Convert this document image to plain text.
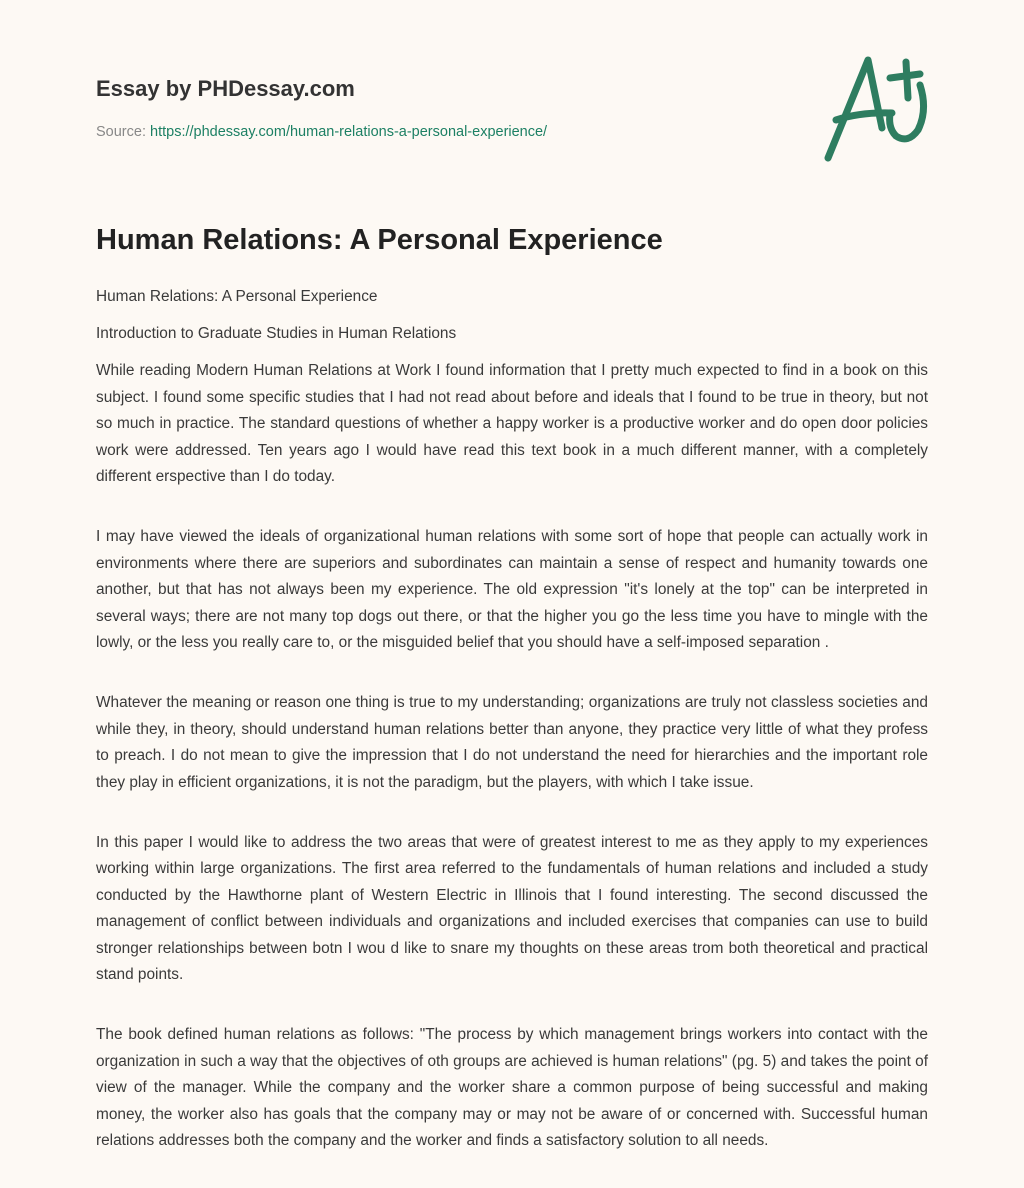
Essay by PHDessay.com
Source: https://phdessay.com/human-relations-a-personal-experience/
Human Relations: A Personal Experience

Human Relations: A Personal Experience

Introduction to Graduate Studies in Human Relations

While reading Modern Human Relations at Work I found information that I pretty much expected to find in a book on this subject. I found some specific studies that I had not read about before and ideals that I found to be true in theory, but not so much in practice. The standard questions of whether a happy worker is a productive worker and do open door policies work were addressed. Ten years ago I would have read this text book in a much different manner, with a completely different erspective than I do today.

I may have viewed the ideals of organizational human relations with some sort of hope that people can actually work in environments where there are superiors and subordinates can maintain a sense of respect and humanity towards one another, but that has not always been my experience. The old expression "it's lonely at the top" can be interpreted in several ways; there are not many top dogs out there, or that the higher you go the less time you have to mingle with the lowly, or the less you really care to, or the misguided belief that you should have a self-imposed separation .

Whatever the meaning or reason one thing is true to my understanding; organizations are truly not classless societies and while they, in theory, should understand human relations better than anyone, they practice very little of what they profess to preach. I do not mean to give the impression that I do not understand the need for hierarchies and the important role they play in efficient organizations, it is not the paradigm, but the players, with which I take issue.

In this paper I would like to address the two areas that were of greatest interest to me as they apply to my experiences working within large organizations. The first area referred to the fundamentals of human relations and included a study conducted by the Hawthorne plant of Western Electric in Illinois that I found interesting. The second discussed the management of conflict between individuals and organizations and included exercises that companies can use to build stronger relationships between botn I wou d like to snare my thoughts on these areas trom both theoretical and practical stand points.

The book defined human relations as follows: "The process by which management brings workers into contact with the organization in such a way that the objectives of oth groups are achieved is human relations" (pg. 5) and takes the point of view of the manager. While the company and the worker share a common purpose of being successful and making money, the worker also has goals that the company may or may not be aware of or concerned with. Successful human relations addresses both the company and the worker and finds a satisfactory solution to all needs.
